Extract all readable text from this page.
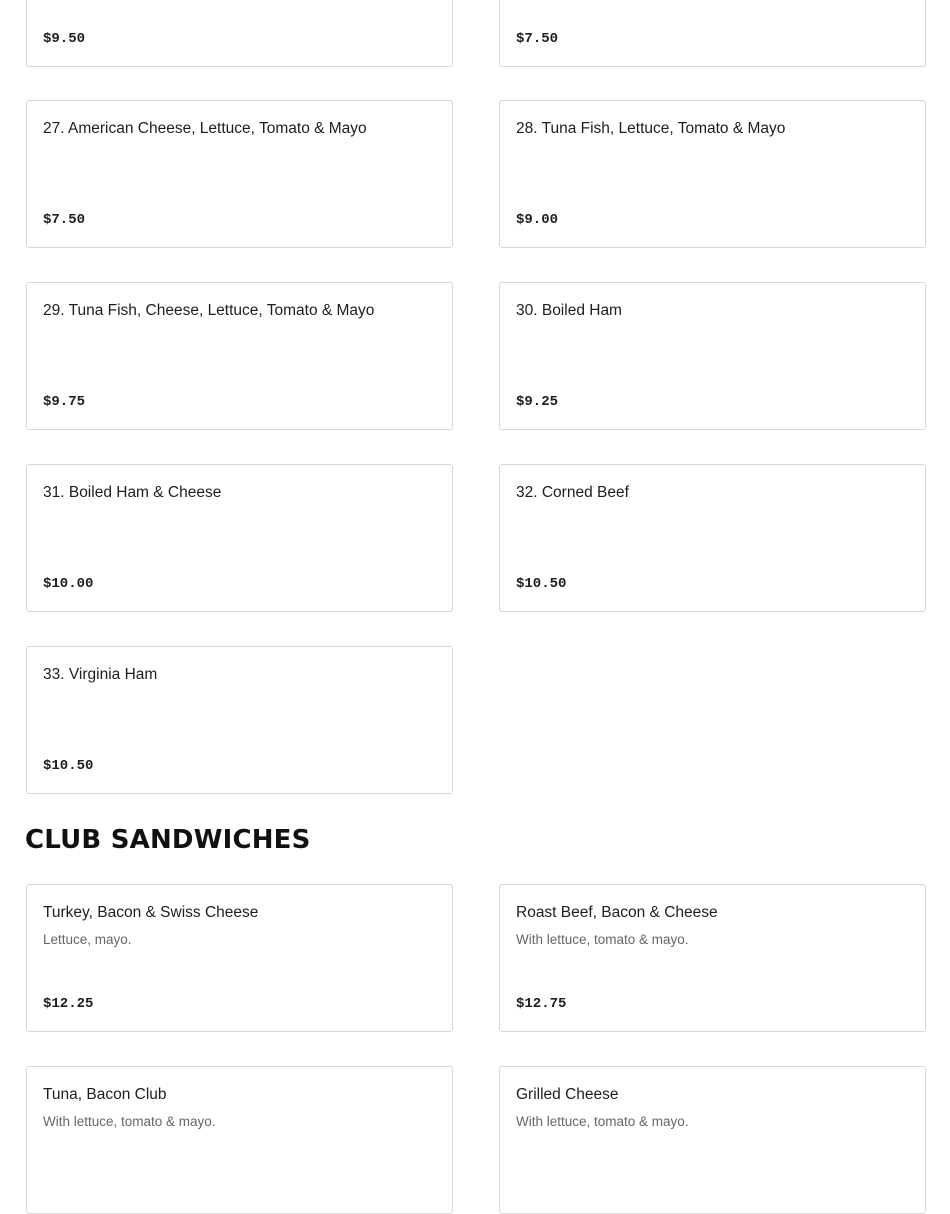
$9.50	$7.50
27. American Cheese, Lettuce, Tomato & Mayo
$7.50
28. Tuna Fish, Lettuce, Tomato & Mayo
$9.00
29. Tuna Fish, Cheese, Lettuce, Tomato & Mayo
$9.75
30. Boiled Ham
$9.25
31. Boiled Ham & Cheese
$10.00
32. Corned Beef
$10.50
33. Virginia Ham
$10.50
CLUB SANDWICHES
Turkey, Bacon & Swiss Cheese
Lettuce, mayo.
$12.25
Roast Beef, Bacon & Cheese
With lettuce, tomato & mayo.
$12.75
Tuna, Bacon Club
With lettuce, tomato & mayo.
Grilled Cheese
With lettuce, tomato & mayo.
